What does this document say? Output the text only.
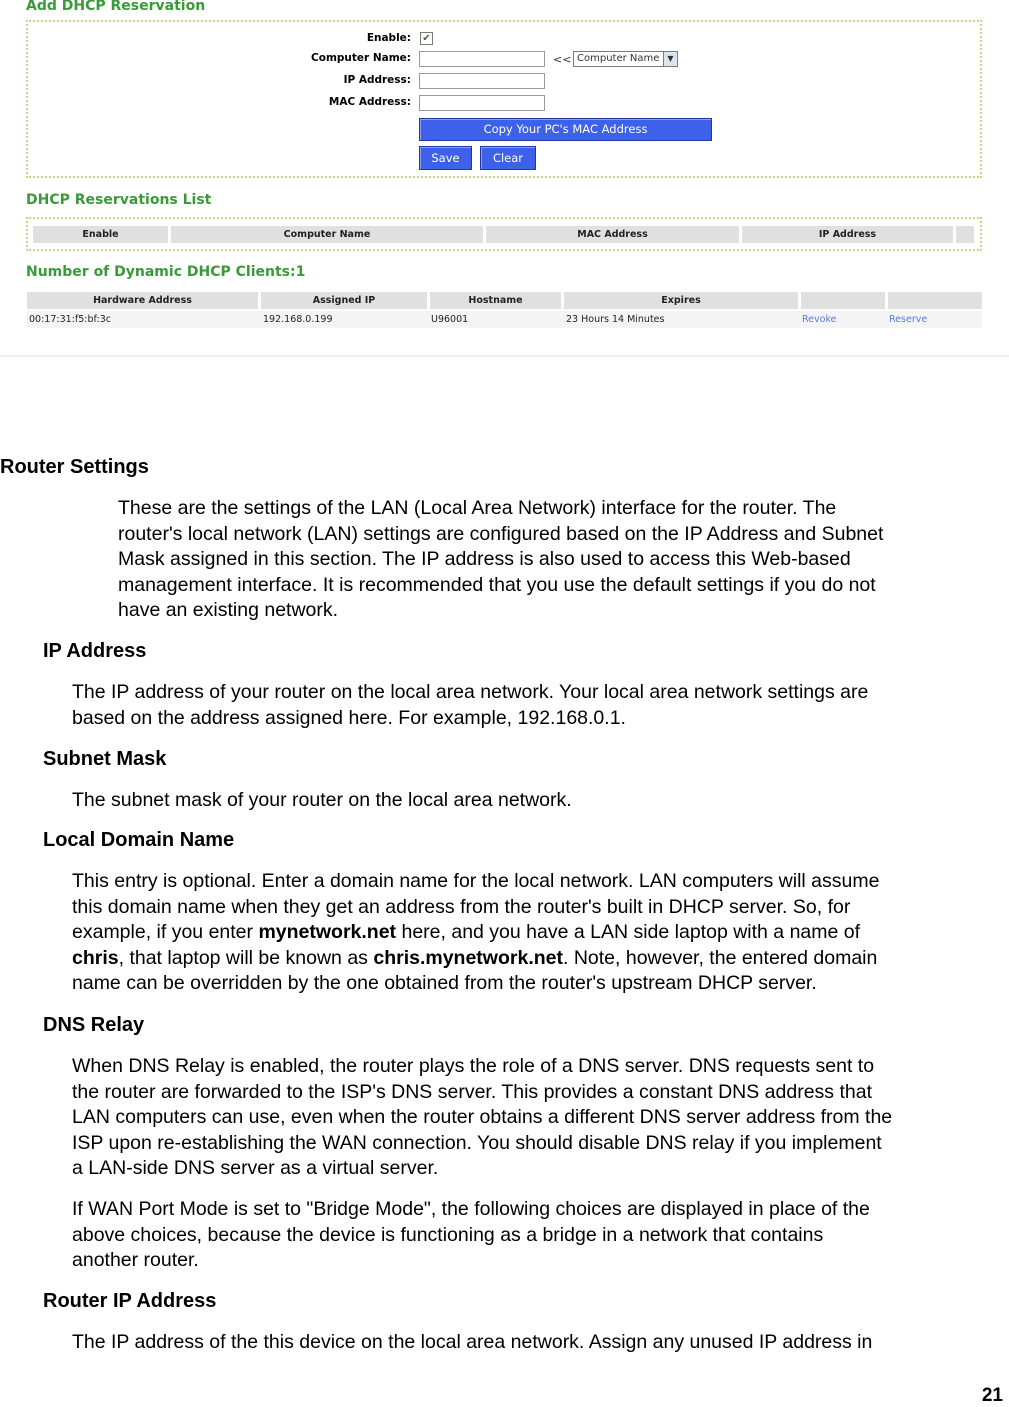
Add DHCP Reservation
Enable: ✔
Computer Name:	<< Computer Name	▼
IP Address:
MAC Address:
Copy Your PC's MAC Address
Save	Clear
DHCP Reservations List
Enable	Computer Name	MAC Address	IP Address
Number of Dynamic DHCP Clients:1
Hardware Address	Assigned IP	Hostname	Expires
00:17:31:f5:bf:3c	192.168.0.199	U96001	23 Hours 14 Minutes	Revoke	Reserve
Router Settings
These are the settings of the LAN (Local Area Network) interface for the router. The
router's local network (LAN) settings are configured based on the IP Address and Subnet
Mask assigned in this section. The IP address is also used to access this Web-based
management interface. It is recommended that you use the default settings if you do not
have an existing network.
IP Address
The IP address of your router on the local area network. Your local area network settings are
based on the address assigned here. For example, 192.168.0.1.
Subnet Mask
The subnet mask of your router on the local area network.
Local Domain Name
This entry is optional. Enter a domain name for the local network. LAN computers will assume
this domain name when they get an address from the router's built in DHCP server. So, for
example, if you enter mynetwork.net here, and you have a LAN side laptop with a name of
chris, that laptop will be known as chris.mynetwork.net. Note, however, the entered domain
name can be overridden by the one obtained from the router's upstream DHCP server.
DNS Relay
When DNS Relay is enabled, the router plays the role of a DNS server. DNS requests sent to
the router are forwarded to the ISP's DNS server. This provides a constant DNS address that
LAN computers can use, even when the router obtains a different DNS server address from the
ISP upon re-establishing the WAN connection. You should disable DNS relay if you implement
a LAN-side DNS server as a virtual server.
If WAN Port Mode is set to "Bridge Mode", the following choices are displayed in place of the
above choices, because the device is functioning as a bridge in a network that contains
another router.
Router IP Address
The IP address of the this device on the local area network. Assign any unused IP address in
21
